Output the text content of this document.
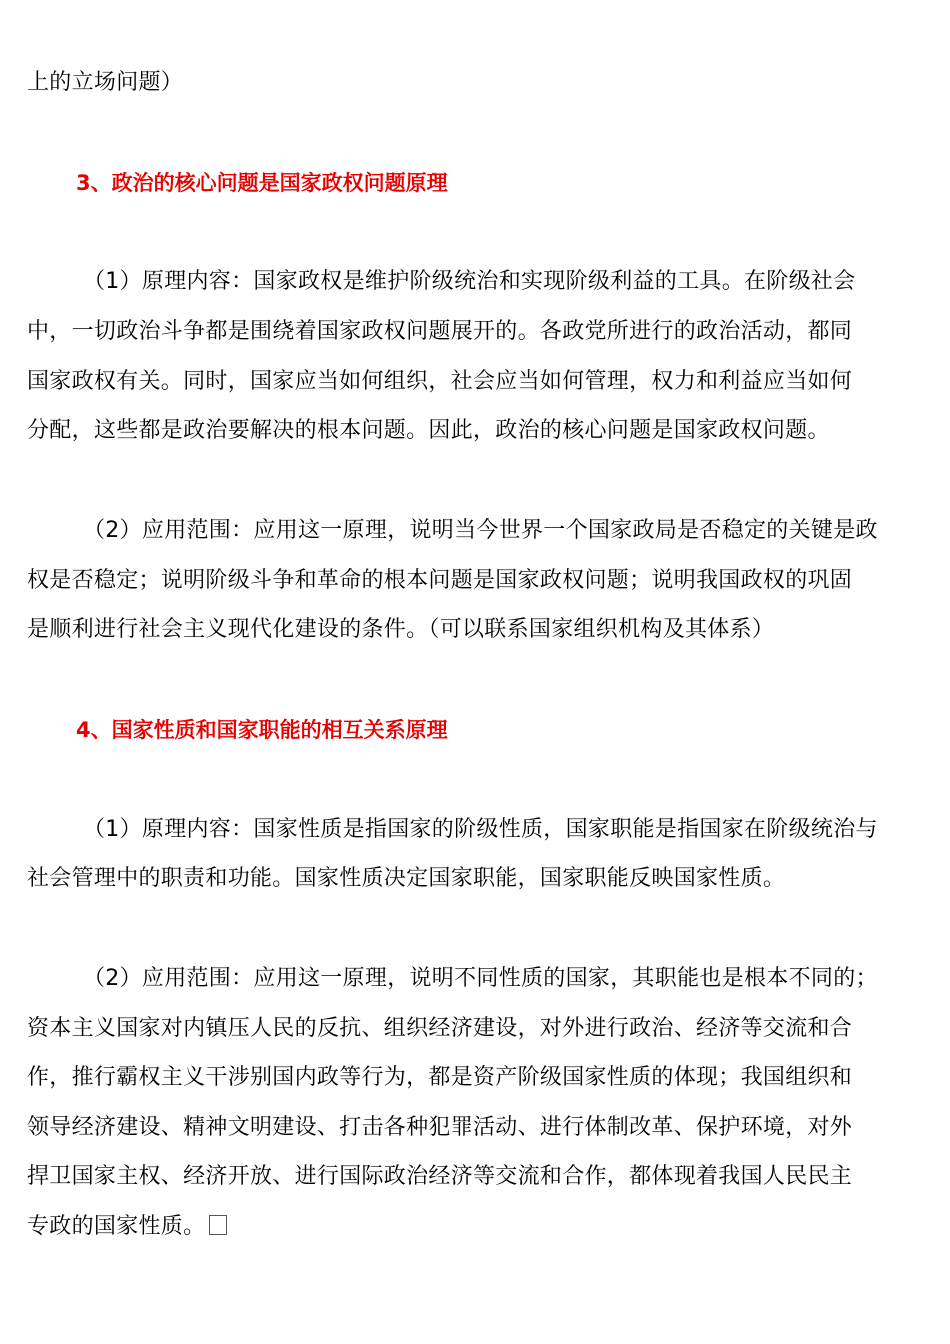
上的立场问题）
3、政治的核心问题是国家政权问题原理
（1）原理内容：国家政权是维护阶级统治和实现阶级利益的工具。在阶级社会
中，一切政治斗争都是围绕着国家政权问题展开的。各政党所进行的政治活动，都同
国家政权有关。同时，国家应当如何组织，社会应当如何管理，权力和利益应当如何
分配，这些都是政治要解决的根本问题。因此，政治的核心问题是国家政权问题。
（2）应用范围：应用这一原理，说明当今世界一个国家政局是否稳定的关键是政
权是否稳定；说明阶级斗争和革命的根本问题是国家政权问题；说明我国政权的巩固
是顺利进行社会主义现代化建设的条件。（可以联系国家组织机构及其体系）
4、国家性质和国家职能的相互关系原理
（1）原理内容：国家性质是指国家的阶级性质，国家职能是指国家在阶级统治与
社会管理中的职责和功能。国家性质决定国家职能，国家职能反映国家性质。
（2）应用范围：应用这一原理，说明不同性质的国家，其职能也是根本不同的；
资本主义国家对内镇压人民的反抗、组织经济建设，对外进行政治、经济等交流和合
作，推行霸权主义干涉别国内政等行为，都是资产阶级国家性质的体现；我国组织和
领导经济建设、精神文明建设、打击各种犯罪活动、进行体制改革、保护环境，对外
捍卫国家主权、经济开放、进行国际政治经济等交流和合作，都体现着我国人民民主
专政的国家性质。
